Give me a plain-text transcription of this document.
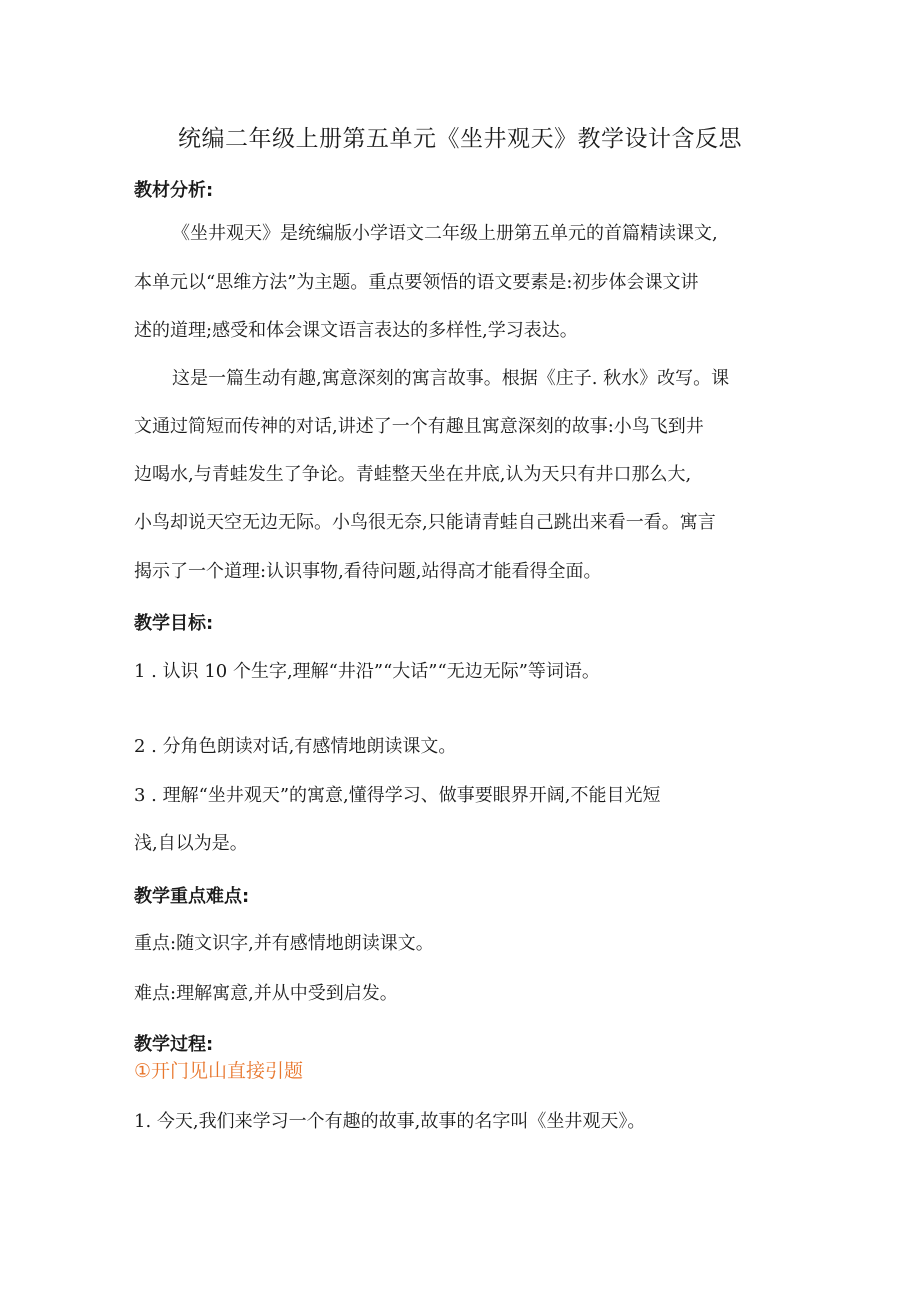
统编二年级上册第五单元《坐井观天》教学设计含反思
教材分析:
《坐井观天》是统编版小学语文二年级上册第五单元的首篇精读课文,
本单元以“思维方法”为主题。重点要领悟的语文要素是:初步体会课文讲
述的道理;感受和体会课文语言表达的多样性,学习表达。
这是一篇生动有趣,寓意深刻的寓言故事。根据《庄子. 秋水》改写。课
文通过简短而传神的对话,讲述了一个有趣且寓意深刻的故事:小鸟飞到井
边喝水,与青蛙发生了争论。青蛙整天坐在井底,认为天只有井口那么大,
小鸟却说天空无边无际。小鸟很无奈,只能请青蛙自己跳出来看一看。寓言
揭示了一个道理:认识事物,看待问题,站得高才能看得全面。
教学目标:
1 . 认识 10 个生字,理解“井沿”“大话”“无边无际”等词语。
2 . 分角色朗读对话,有感情地朗读课文。
3 . 理解“坐井观天”的寓意,懂得学习、做事要眼界开阔,不能目光短
浅,自以为是。
教学重点难点:
重点:随文识字,并有感情地朗读课文。
难点:理解寓意,并从中受到启发。
教学过程:
①开门见山直接引题
1. 今天,我们来学习一个有趣的故事,故事的名字叫《坐井观天》。
